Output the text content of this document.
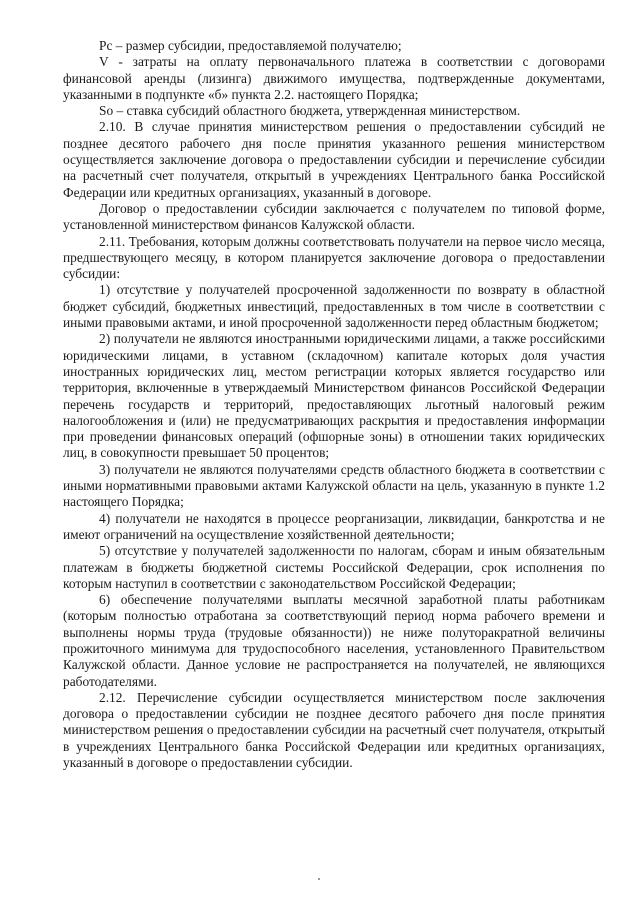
Pc – размер субсидии, предоставляемой получателю;

V - затраты на оплату первоначального платежа в соответствии с договорами финансовой аренды (лизинга) движимого имущества, подтвержденные документами, указанными в подпункте «б» пункта 2.2. настоящего Порядка;

So – ставка субсидий областного бюджета, утвержденная министерством.

2.10. В случае принятия министерством решения о предоставлении субсидий не позднее десятого рабочего дня после принятия указанного решения министерством осуществляется заключение договора о предоставлении субсидии и перечисление субсидии на расчетный счет получателя, открытый в учреждениях Центрального банка Российской Федерации или кредитных организациях, указанный в договоре.

Договор о предоставлении субсидии заключается с получателем по типовой форме, установленной министерством финансов Калужской области.

2.11. Требования, которым должны соответствовать получатели на первое число месяца, предшествующего месяцу, в котором планируется заключение договора о предоставлении субсидии:

1) отсутствие у получателей просроченной задолженности по возврату в областной бюджет субсидий, бюджетных инвестиций, предоставленных в том числе в соответствии с иными правовыми актами, и иной просроченной задолженности перед областным бюджетом;

2) получатели не являются иностранными юридическими лицами, а также российскими юридическими лицами, в уставном (складочном) капитале которых доля участия иностранных юридических лиц, местом регистрации которых является государство или территория, включенные в утверждаемый Министерством финансов Российской Федерации перечень государств и территорий, предоставляющих льготный налоговый режим налогообложения и (или) не предусматривающих раскрытия и предоставления информации при проведении финансовых операций (офшорные зоны) в отношении таких юридических лиц, в совокупности превышает 50 процентов;

3) получатели не являются получателями средств областного бюджета в соответствии с иными нормативными правовыми актами Калужской области на цель, указанную в пункте 1.2 настоящего Порядка;

4) получатели не находятся в процессе реорганизации, ликвидации, банкротства и не имеют ограничений на осуществление хозяйственной деятельности;

5) отсутствие у получателей задолженности по налогам, сборам и иным обязательным платежам в бюджеты бюджетной системы Российской Федерации, срок исполнения по которым наступил в соответствии с законодательством Российской Федерации;

6) обеспечение получателями выплаты месячной заработной платы работникам (которым полностью отработана за соответствующий период норма рабочего времени и выполнены нормы труда (трудовые обязанности)) не ниже полуторакратной величины прожиточного минимума для трудоспособного населения, установленного Правительством Калужской области. Данное условие не распространяется на получателей, не являющихся работодателями.

2.12. Перечисление субсидии осуществляется министерством после заключения договора о предоставлении субсидии не позднее десятого рабочего дня после принятия министерством решения о предоставлении субсидии на расчетный счет получателя, открытый в учреждениях Центрального банка Российской Федерации или кредитных организациях, указанный в договоре о предоставлении субсидии.
